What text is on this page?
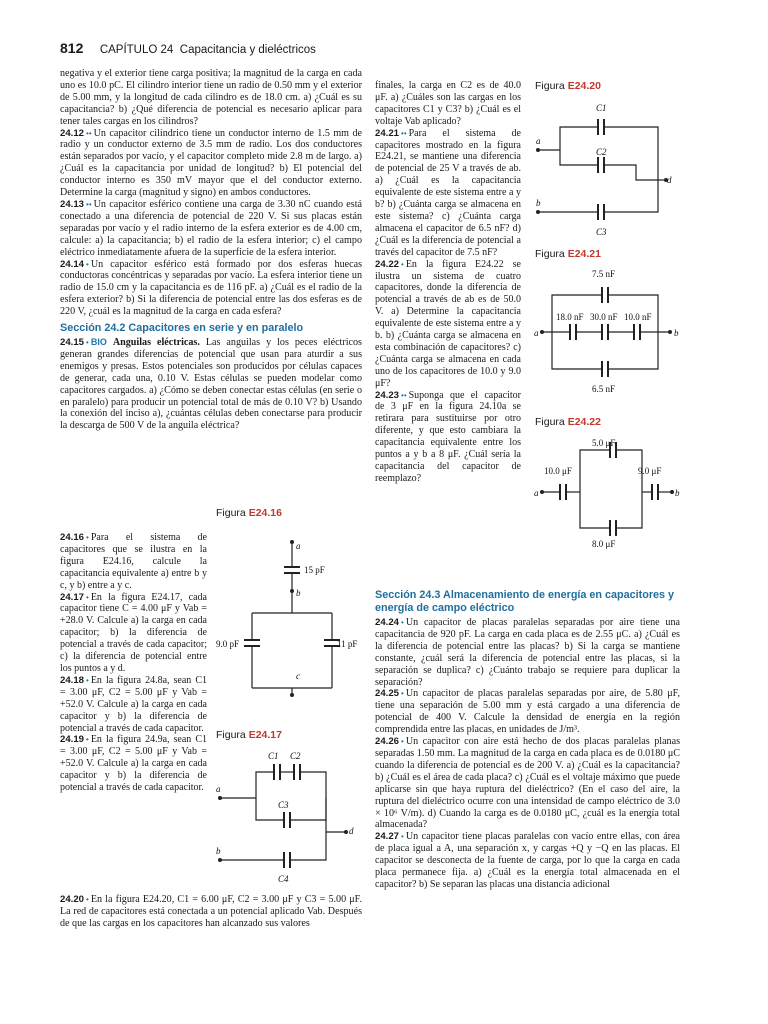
812 CAPÍTULO 24 Capacitancia y dieléctricos

negativa y el exterior tiene carga positiva; la magnitud de la carga en cada uno es 10.0 pC. El cilindro interior tiene un radio de 0.50 mm y el exterior de 5.00 mm, y la longitud de cada cilindro es de 18.0 cm. a) ¿Cuál es su capacitancia? b) ¿Qué diferencia de potencial es necesario aplicar para tener tales cargas en los cilindros?

24.12 •• Un capacitor cilíndrico tiene un conductor interno de 1.5 mm de radio y un conductor externo de 3.5 mm de radio. Los dos conductores están separados por vacío, y el capacitor completo mide 2.8 m de largo. a) ¿Cuál es la capacitancia por unidad de longitud? b) El potencial del conductor interno es 350 mV mayor que el del conductor externo. Determine la carga (magnitud y signo) en ambos conductores.

24.13 •• Un capacitor esférico contiene una carga de 3.30 nC cuando está conectado a una diferencia de potencial de 220 V. Si sus placas están separadas por vacío y el radio interno de la esfera exterior es de 4.00 cm, calcule: a) la capacitancia; b) el radio de la esfera interior; c) el campo eléctrico inmediatamente afuera de la superficie de la esfera interior.

24.14 • Un capacitor esférico está formado por dos esferas huecas conductoras concéntricas y separadas por vacío. La esfera interior tiene un radio de 15.0 cm y la capacitancia es de 116 pF. a) ¿Cuál es el radio de la esfera exterior? b) Si la diferencia de potencial entre las dos esferas es de 220 V, ¿cuál es la magnitud de la carga en cada esfera?

Sección 24.2 Capacitores en serie y en paralelo

24.15 • BIO Anguilas eléctricas. Las anguilas y los peces eléctricos generan grandes diferencias de potencial que usan para aturdir a sus enemigos y presas. Estos potenciales son producidos por células capaces de generar, cada una, 0.10 V. Estas células se pueden modelar como capacitores cargados. a) ¿Cómo se deben conectar estas células (en serie o en paralelo) para producir un potencial total de más de 0.10 V? b) Usando la conexión del inciso a), ¿cuántas células deben conectarse para producir la descarga de 500 V de la anguila eléctrica?

24.16 • Para el sistema de capacitores que se ilustra en la figura E24.16, calcule la capacitancia equivalente a) entre b y c, y b) entre a y c.

24.17 • En la figura E24.17, cada capacitor tiene C = 4.00 μF y Vab = +28.0 V. Calcule a) la carga en cada capacitor; b) la diferencia de potencial a través de cada capacitor; c) la diferencia de potencial entre los puntos a y d.

24.18 • En la figura 24.8a, sean C1 = 3.00 μF, C2 = 5.00 μF y Vab = +52.0 V. Calcule a) la carga en cada capacitor y b) la diferencia de potencial a través de cada capacitor.

24.19 • En la figura 24.9a, sean C1 = 3.00 μF, C2 = 5.00 μF y Vab = +52.0 V. Calcule a) la carga en cada capacitor y b) la diferencia de potencial a través de cada capacitor.

24.20 • En la figura E24.20, C1 = 6.00 μF, C2 = 3.00 μF y C3 = 5.00 μF. La red de capacitores está conectada a un potencial aplicado Vab. Después de que las cargas en los capacitores han alcanzado sus valores

finales, la carga en C2 es de 40.0 μF. a) ¿Cuáles son las cargas en los capacitores C1 y C3? b) ¿Cuál es el voltaje Vab aplicado?

24.21 •• Para el sistema de capacitores mostrado en la figura E24.21, se mantiene una diferencia de potencial de 25 V a través de ab. a) ¿Cuál es la capacitancia equivalente de este sistema entre a y b? b) ¿Cuánta carga se almacena en este sistema? c) ¿Cuánta carga almacena el capacitor de 6.5 nF? d) ¿Cuál es la diferencia de potencial a través del capacitor de 7.5 nF?

24.22 • En la figura E24.22 se ilustra un sistema de cuatro capacitores, donde la diferencia de potencial a través de ab es de 50.0 V. a) Determine la capacitancia equivalente de este sistema entre a y b. b) ¿Cuánta carga se almacena en esta combinación de capacitores? c) ¿Cuánta carga se almacena en cada uno de los capacitores de 10.0 y 9.0 μF?

24.23 •• Suponga que el capacitor de 3 μF en la figura 24.10a se retirara para sustituirse por otro diferente, y que esto cambiara la capacitancia equivalente entre los puntos a y b a 8 μF. ¿Cuál sería la capacitancia del capacitor de reemplazo?

Sección 24.3 Almacenamiento de energía en capacitores y energía de campo eléctrico

24.24 • Un capacitor de placas paralelas separadas por aire tiene una capacitancia de 920 pF. La carga en cada placa es de 2.55 μC. a) ¿Cuál es la diferencia de potencial entre las placas? b) Si la carga se mantiene constante, ¿cuál será la diferencia de potencial entre las placas, si la separación se duplica? c) ¿Cuánto trabajo se requiere para duplicar la separación?

24.25 • Un capacitor de placas paralelas separadas por aire, de 5.80 μF, tiene una separación de 5.00 mm y está cargado a una diferencia de potencial de 400 V. Calcule la densidad de energía en la región comprendida entre las placas, en unidades de J/m³.

24.26 • Un capacitor con aire está hecho de dos placas paralelas planas separadas 1.50 mm. La magnitud de la carga en cada placa es de 0.0180 μC cuando la diferencia de potencial es de 200 V. a) ¿Cuál es la capacitancia? b) ¿Cuál es el área de cada placa? c) ¿Cuál es el voltaje máximo que puede aplicarse sin que haya ruptura del dieléctrico? (En el caso del aire, la ruptura del dieléctrico ocurre con una intensidad de campo eléctrico de 3.0 × 10⁶ V/m). d) Cuando la carga es de 0.0180 μC, ¿cuál es la energía total almacenada?

24.27 • Un capacitor tiene placas paralelas con vacío entre ellas, con área de placa igual a A, una separación x, y cargas +Q y −Q en las placas. El capacitor se desconecta de la fuente de carga, por lo que la carga en cada placa permanece fija. a) ¿Cuál es la energía total almacenada en el capacitor? b) Se separan las placas una distancia adicional

Figura E24.16
a
b
c
15 pF
9.0 pF	11 pF
Figura E24.17
a
b
d
C1 C2
C3
C4
Figura E24.20
a
b
d
C1
C2
C3
Figura E24.21
a	b
7.5 nF
18.0 nF 30.0 nF 10.0 nF
6.5 nF
Figura E24.22
a	b
5.0 μF
10.0 μF	9.0 μF
8.0 μF
